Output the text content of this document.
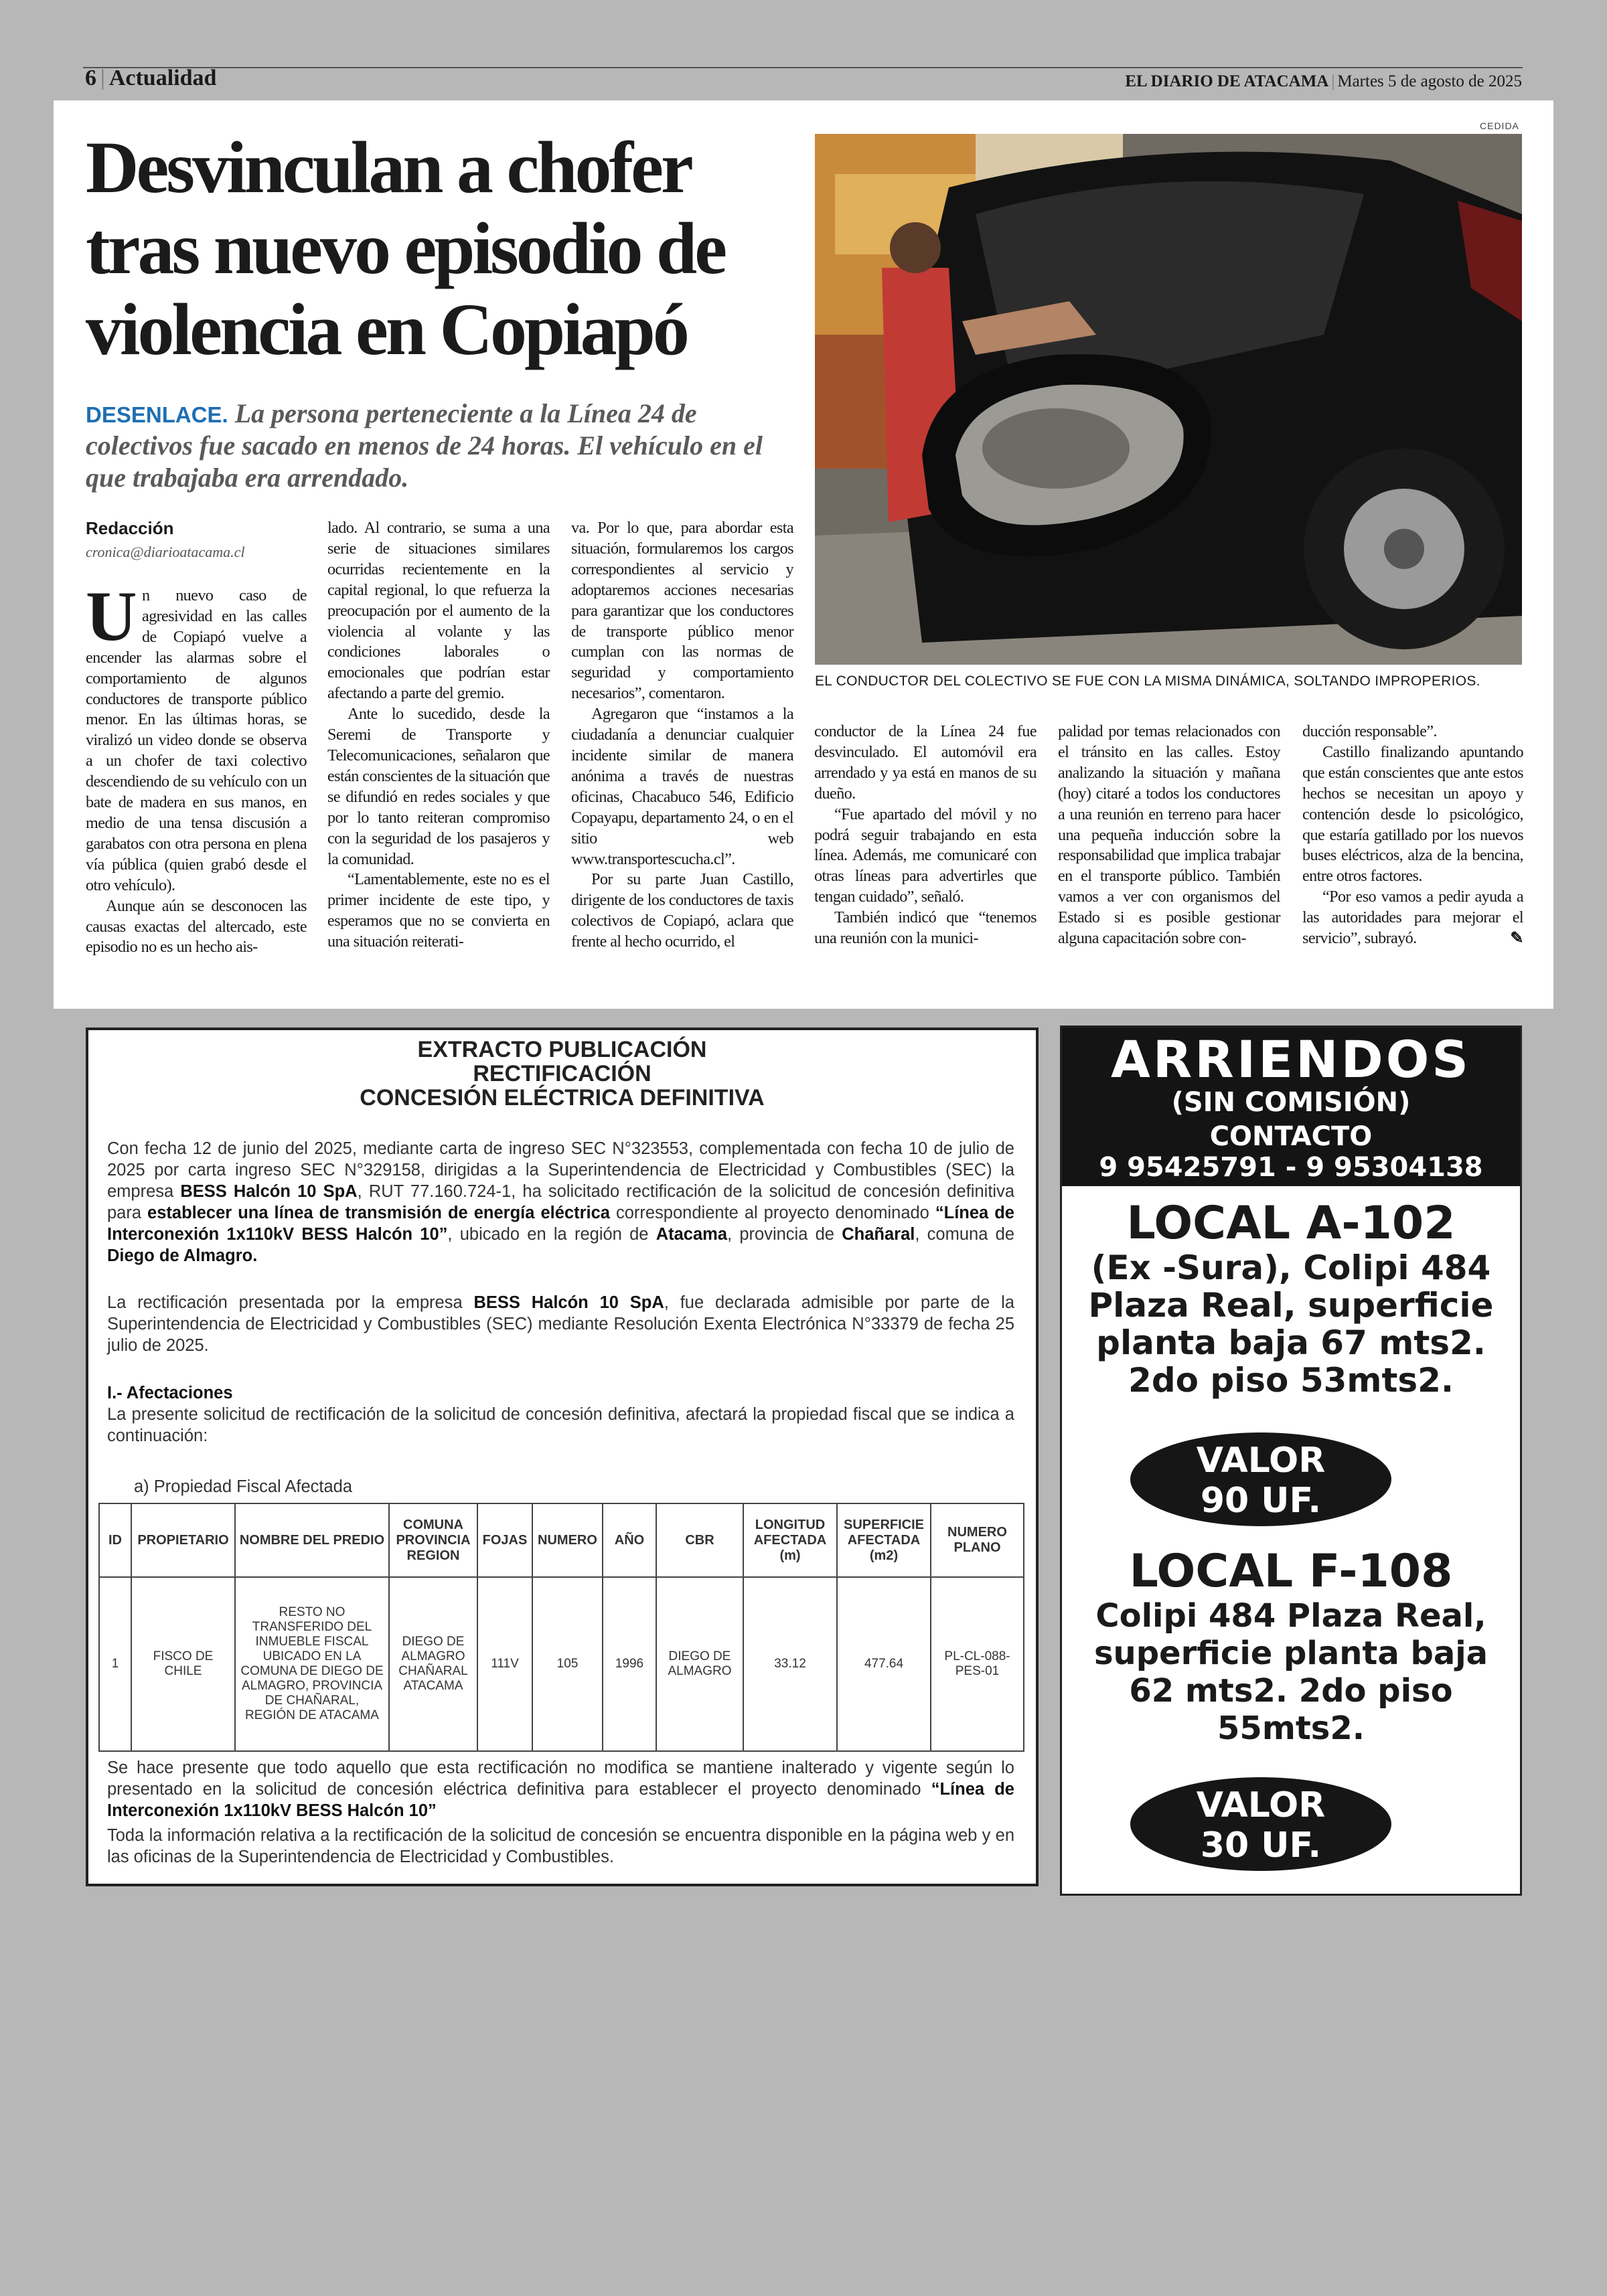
6 | Actualidad	EL DIARIO DE ATACAMA | Martes 5 de agosto de 2025
Desvinculan a chofer tras nuevo episodio de violencia en Copiapó
DESENLACE. La persona perteneciente a la Línea 24 de colectivos fue sacado en menos de 24 horas. El vehículo en el que trabajaba era arrendado.
Redacción
cronica@diarioatacama.cl

Un nuevo caso de agresividad en las calles de Copiapó vuelve a encender las alarmas sobre el comportamiento de algunos conductores de transporte público menor. En las últimas horas, se viralizó un video donde se observa a un chofer de taxi colectivo descendiendo de su vehículo con un bate de madera en sus manos, en medio de una tensa discusión a garabatos con otra persona en plena vía pública (quien grabó desde el otro vehículo).

Aunque aún se desconocen las causas exactas del altercado, este episodio no es un hecho ais-

lado. Al contrario, se suma a una serie de situaciones similares ocurridas recientemente en la capital regional, lo que refuerza la preocupación por el aumento de la violencia al volante y las condiciones laborales o emocionales que podrían estar afectando a parte del gremio.

Ante lo sucedido, desde la Seremi de Transporte y Telecomunicaciones, señalaron que están conscientes de la situación que se difundió en redes sociales y que por lo tanto reiteran compromiso con la seguridad de los pasajeros y la comunidad.

“Lamentablemente, este no es el primer incidente de este tipo, y esperamos que no se convierta en una situación reiterati-

va. Por lo que, para abordar esta situación, formularemos los cargos correspondientes al servicio y adoptaremos acciones necesarias para garantizar que los conductores de transporte público menor cumplan con las normas de seguridad y comportamiento necesarios”, comentaron.

Agregaron que “instamos a la ciudadanía a denunciar cualquier incidente similar de manera anónima a través de nuestras oficinas, Chacabuco 546, Edificio Copayapu, departamento 24, o en el sitio web www.transportescucha.cl”.

Por su parte Juan Castillo, dirigente de los conductores de taxis colectivos de Copiapó, aclara que frente al hecho ocurrido, el

conductor de la Línea 24 fue desvinculado. El automóvil era arrendado y ya está en manos de su dueño.

“Fue apartado del móvil y no podrá seguir trabajando en esta línea. Además, me comunicaré con otras líneas para advertirles que tengan cuidado”, señaló.

También indicó que “tenemos una reunión con la munici-

palidad por temas relacionados con el tránsito en las calles. Estoy analizando la situación y mañana (hoy) citaré a todos los conductores a una reunión en terreno para hacer una pequeña inducción sobre la responsabilidad que implica trabajar en el transporte público. También vamos a ver con organismos del Estado si es posible gestionar alguna capacitación sobre con-

ducción responsable”.

Castillo finalizando apuntando que están conscientes que ante estos hechos se necesitan un apoyo y contención desde lo psicológico, que estaría gatillado por los nuevos buses eléctricos, alza de la bencina, entre otros factores.

“Por eso vamos a pedir ayuda a las autoridades para mejorar el servicio”, subrayó.	✎

CEDIDA
EL CONDUCTOR DEL COLECTIVO SE FUE CON LA MISMA DINÁMICA, SOLTANDO IMPROPERIOS.
EXTRACTO PUBLICACIÓN
RECTIFICACIÓN
CONCESIÓN ELÉCTRICA DEFINITIVA
Con fecha 12 de junio del 2025, mediante carta de ingreso SEC N°323553, complementada con fecha 10 de julio de 2025 por carta ingreso SEC N°329158, dirigidas a la Superintendencia de Electricidad y Combustibles (SEC) la empresa BESS Halcón 10 SpA, RUT 77.160.724-1, ha solicitado rectificación de la solicitud de concesión definitiva para establecer una línea de transmisión de energía eléctrica correspondiente al proyecto denominado “Línea de Interconexión 1x110kV BESS Halcón 10”, ubicado en la región de Atacama, provincia de Chañaral, comuna de Diego de Almagro.
La rectificación presentada por la empresa BESS Halcón 10 SpA, fue declarada admisible por parte de la Superintendencia de Electricidad y Combustibles (SEC) mediante Resolución Exenta Electrónica N°33379 de fecha 25 julio de 2025.
I.- Afectaciones
La presente solicitud de rectificación de la solicitud de concesión definitiva, afectará la propiedad fiscal que se indica a continuación:
a) Propiedad Fiscal Afectada
ID	PROPIETARIO	NOMBRE DEL PREDIO	COMUNA PROVINCIA REGION	FOJAS	NUMERO	AÑO	CBR	LONGITUD AFECTADA (m)	SUPERFICIE AFECTADA (m2)	NUMERO PLANO
1	FISCO DE CHILE	RESTO NO TRANSFERIDO DEL INMUEBLE FISCAL UBICADO EN LA COMUNA DE DIEGO DE ALMAGRO, PROVINCIA DE CHAÑARAL, REGIÓN DE ATACAMA	DIEGO DE ALMAGRO CHAÑARAL ATACAMA	111V	105	1996	DIEGO DE ALMAGRO	33.12	477.64	PL-CL-088-PES-01
Se hace presente que todo aquello que esta rectificación no modifica se mantiene inalterado y vigente según lo presentado en la solicitud de concesión eléctrica definitiva para establecer el proyecto denominado “Línea de Interconexión 1x110kV BESS Halcón 10”
Toda la información relativa a la rectificación de la solicitud de concesión se encuentra disponible en la página web y en las oficinas de la Superintendencia de Electricidad y Combustibles.
ARRIENDOS
(SIN COMISIÓN)
CONTACTO
9 95425791 - 9 95304138
LOCAL A-102
(Ex -Sura), Colipi 484
Plaza Real, superficie
planta baja 67 mts2.
2do piso 53mts2.
VALOR
90 UF.
LOCAL F-108
Colipi 484 Plaza Real,
superficie planta baja
62 mts2. 2do piso
55mts2.
VALOR
30 UF.
